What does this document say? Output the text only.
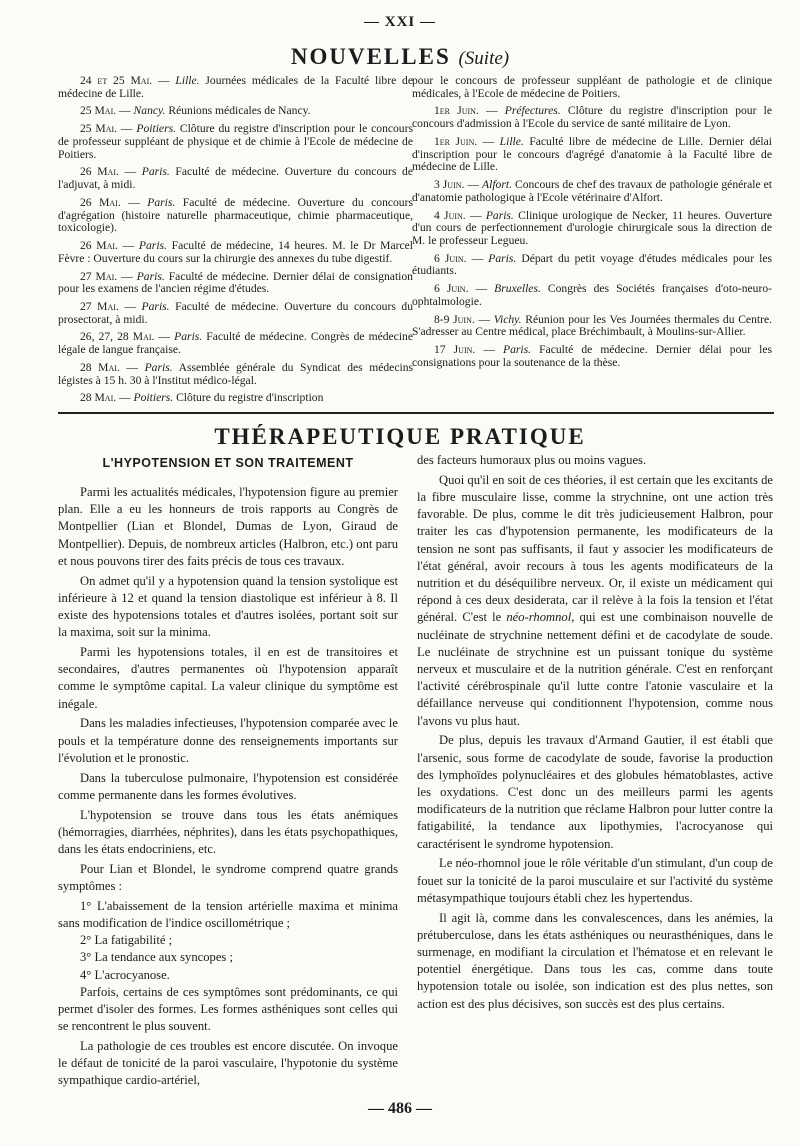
— XXI —
NOUVELLES (Suite)

24 et 25 Mai. — Lille. Journées médicales de la Faculté libre de médecine de Lille.

25 Mai. — Nancy. Réunions médicales de Nancy.

25 Mai. — Poitiers. Clôture du registre d'inscription pour le concours de professeur suppléant de physique et de chimie à l'Ecole de médecine de Poitiers.

26 Mai. — Paris. Faculté de médecine. Ouverture du concours de l'adjuvat, à midi.

26 Mai. — Paris. Faculté de médecine. Ouverture du concours d'agrégation (histoire naturelle pharmaceutique, chimie pharmaceutique, toxicologie).

26 Mai. — Paris. Faculté de médecine, 14 heures. M. le Dr Marcel Fèvre : Ouverture du cours sur la chirurgie des annexes du tube digestif.

27 Mai. — Paris. Faculté de médecine. Dernier délai de consignation pour les examens de l'ancien régime d'études.

27 Mai. — Paris. Faculté de médecine. Ouverture du concours du prosectorat, à midi.

26, 27, 28 Mai. — Paris. Faculté de médecine. Congrès de médecine légale de langue française.

28 Mai. — Paris. Assemblée générale du Syndicat des médecins légistes à 15 h. 30 à l'Institut médico-légal.

28 Mai. — Poitiers. Clôture du registre d'inscription

pour le concours de professeur suppléant de pathologie et de clinique médicales, à l'Ecole de médecine de Poitiers.

1er Juin. — Préfectures. Clôture du registre d'inscription pour le concours d'admission à l'Ecole du service de santé militaire de Lyon.

1er Juin. — Lille. Faculté libre de médecine de Lille. Dernier délai d'inscription pour le concours d'agrégé d'anatomie à la Faculté libre de médecine de Lille.

3 Juin. — Alfort. Concours de chef des travaux de pathologie générale et d'anatomie pathologique à l'Ecole vétérinaire d'Alfort.

4 Juin. — Paris. Clinique urologique de Necker, 11 heures. Ouverture d'un cours de perfectionnement d'urologie chirurgicale sous la direction de M. le professeur Legueu.

6 Juin. — Paris. Départ du petit voyage d'études médicales pour les étudiants.

6 Juin. — Bruxelles. Congrès des Sociétés françaises d'oto-neuro-ophtalmologie.

8-9 Juin. — Vichy. Réunion pour les Ves Journées thermales du Centre. S'adresser au Centre médical, place Bréchimbault, à Moulins-sur-Allier.

17 Juin. — Paris. Faculté de médecine. Dernier délai pour les consignations pour la soutenance de la thèse.

THÉRAPEUTIQUE PRATIQUE
L'HYPOTENSION ET SON TRAITEMENT

Parmi les actualités médicales, l'hypotension figure au premier plan. Elle a eu les honneurs de trois rapports au Congrès de Montpellier (Lian et Blondel, Dumas de Lyon, Giraud de Montpellier). Depuis, de nombreux articles (Halbron, etc.) ont paru et nous pouvons tirer des faits précis de tous ces travaux.

On admet qu'il y a hypotension quand la tension systolique est inférieure à 12 et quand la tension diastolique est inférieur à 8. Il existe des hypotensions totales et d'autres isolées, portant soit sur la maxima, soit sur la minima.

Parmi les hypotensions totales, il en est de transitoires et secondaires, d'autres permanentes où l'hypotension apparaît comme le symptôme capital. La valeur clinique du symptôme est inégale.

Dans les maladies infectieuses, l'hypotension comparée avec le pouls et la température donne des renseignements importants sur l'évolution et le pronostic.

Dans la tuberculose pulmonaire, l'hypotension est considérée comme permanente dans les formes évolutives.

L'hypotension se trouve dans tous les états anémiques (hémorragies, diarrhées, néphrites), dans les états psychopathiques, dans les états endocriniens, etc.

Pour Lian et Blondel, le syndrome comprend quatre grands symptômes :

1° L'abaissement de la tension artérielle maxima et minima sans modification de l'indice oscillométrique ;

2° La fatigabilité ;

3° La tendance aux syncopes ;

4° L'acrocyanose.

Parfois, certains de ces symptômes sont prédominants, ce qui permet d'isoler des formes. Les formes asthéniques sont celles qui se rencontrent le plus souvent.

La pathologie de ces troubles est encore discutée. On invoque le défaut de tonicité de la paroi vasculaire, l'hypotonie du système sympathique cardio-artériel,

des facteurs humoraux plus ou moins vagues.

Quoi qu'il en soit de ces théories, il est certain que les excitants de la fibre musculaire lisse, comme la strychnine, ont une action très favorable. De plus, comme le dit très judicieusement Halbron, pour traiter les cas d'hypotension permanente, les modificateurs de la tension ne sont pas suffisants, il faut y associer les modificateurs de l'état général, avoir recours à tous les agents modificateurs de la nutrition et du déséquilibre nerveux. Or, il existe un médicament qui répond à ces deux desiderata, car il relève à la fois la tension et l'état général. C'est le néo-rhomnol, qui est une combinaison nouvelle de nucléinate de strychnine nettement défini et de cacodylate de soude. Le nucléinate de strychnine est un puissant tonique du système nerveux et musculaire et de la nutrition générale. C'est en renforçant l'activité cérébrospinale qu'il lutte contre l'atonie vasculaire et la défaillance nerveuse qui conditionnent l'hypotension, comme nous l'avons vu plus haut.

De plus, depuis les travaux d'Armand Gautier, il est établi que l'arsenic, sous forme de cacodylate de soude, favorise la production des lymphoïdes polynucléaires et des globules hématoblastes, active les oxydations. C'est donc un des meilleurs parmi les agents modificateurs de la nutrition que réclame Halbron pour lutter contre la fatigabilité, la tendance aux lipothymies, l'acrocyanose qui caractérisent le syndrome hypotension.

Le néo-rhomnol joue le rôle véritable d'un stimulant, d'un coup de fouet sur la tonicité de la paroi musculaire et sur l'activité du système métasympathique toujours établi chez les hypertendus.

Il agit là, comme dans les convalescences, dans les anémies, la prétuberculose, dans les états asthéniques ou neurasthéniques, dans le surmenage, en modifiant la circulation et l'hématose et en relevant le potentiel énergétique. Dans tous les cas, comme dans toute hypotension totale ou isolée, son indication est des plus nettes, son action est des plus décisives, son succès est des plus certains.

— 486 —
